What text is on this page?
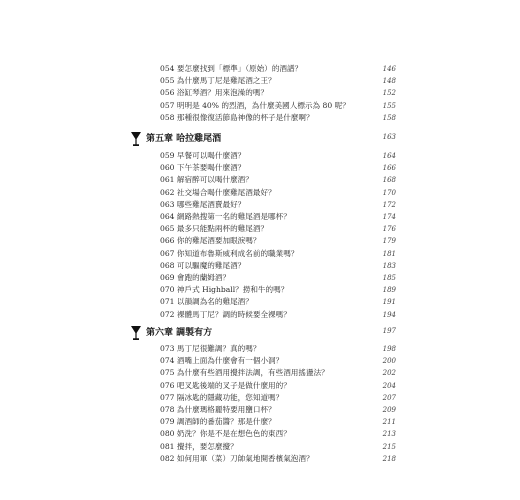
054 要怎麼找到「標準」（原始）的酒譜？	146
055 為什麼馬丁尼是雞尾酒之王？	148
056 浴缸琴酒？用來泡澡的嗎？	152
057 明明是 40% 的烈酒，為什麼美國人標示為 80 呢？	155
058 那種很像復活節島神像的杯子是什麼啊？	158
第五章 哈拉雞尾酒	163
059 早餐可以喝什麼酒？	164
060 下午茶要喝什麼酒？	166
061 解宿醉可以喝什麼酒？	168
062 社交場合喝什麼雞尾酒最好？	170
063 哪些雞尾酒賣最好？	172
064 網路熱搜第一名的雞尾酒是哪杯？	174
065 最多只能點兩杯的雞尾酒？	176
066 你的雞尾酒要加眼淚嗎？	179
067 你知道布魯斯威利成名前的職業嗎？	181
068 可以驅魔的雞尾酒？	183
069 會跑的蘭姆酒？	185
070 神戶式 Highball？撈和牛的嗎？	189
071 以韻調為名的雞尾酒？	191
072 裸體馬丁尼？調的時候要全裸嗎？	194
第六章 調製有方	197
073 馬丁尼很難調？真的嗎？	198
074 酒嘴上面為什麼會有一個小洞？	200
075 為什麼有些酒用攪拌法調，有些酒用搖盪法？	202
076 吧叉匙後端的叉子是做什麼用的？	204
077 隔冰匙的隱藏功能，您知道嗎？	207
078 為什麼瑪格麗特要用鹽口杯？	209
079 調酒師的番茄醬？那是什麼？	211
080 奶洗？你是不是在想色色的東西？	213
081 攪拌，要怎麼攪？	215
082 如何用軍（菜）刀帥氣地開香檳氣泡酒？	218
